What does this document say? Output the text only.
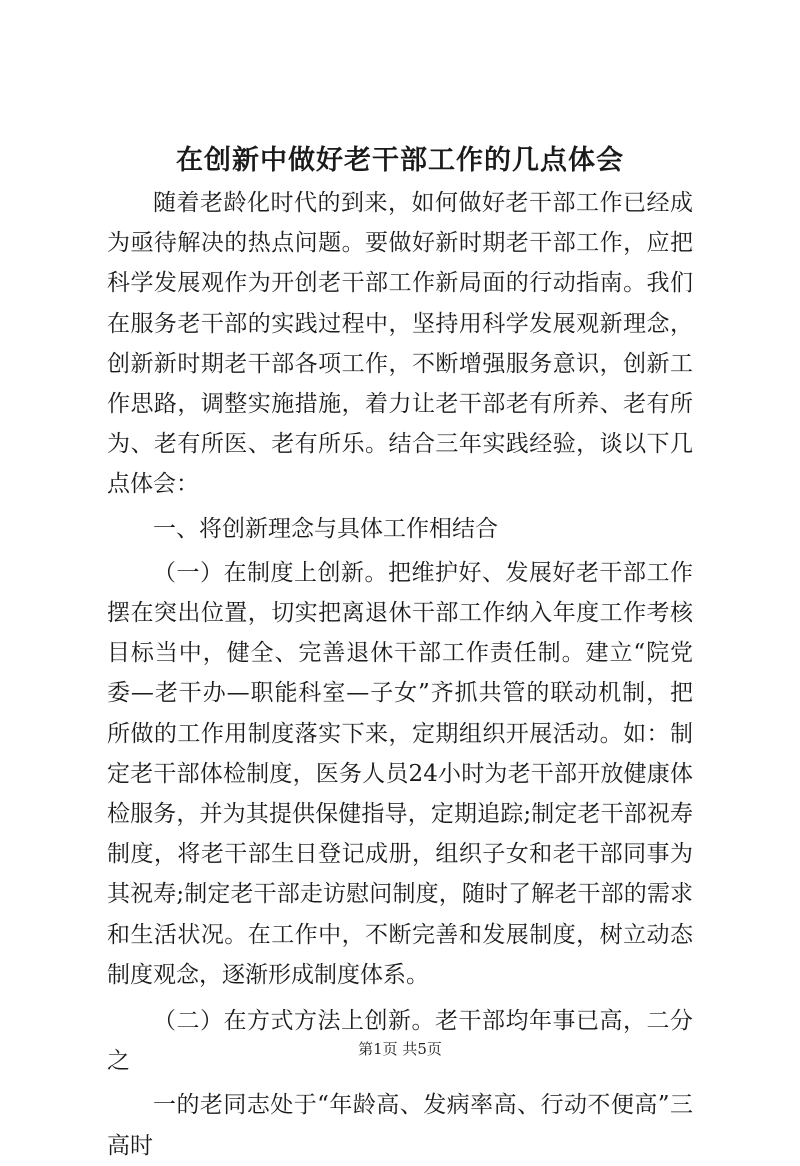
在创新中做好老干部工作的几点体会

随着老龄化时代的到来，如何做好老干部工作已经成为亟待解决的热点问题。要做好新时期老干部工作，应把科学发展观作为开创老干部工作新局面的行动指南。我们在服务老干部的实践过程中，坚持用科学发展观新理念，创新新时期老干部各项工作，不断增强服务意识，创新工作思路，调整实施措施，着力让老干部老有所养、老有所为、老有所医、老有所乐。结合三年实践经验，谈以下几点体会：

一、将创新理念与具体工作相结合

（一）在制度上创新。把维护好、发展好老干部工作摆在突出位置，切实把离退休干部工作纳入年度工作考核目标当中，健全、完善退休干部工作责任制。建立“院党委—老干办—职能科室—子女”齐抓共管的联动机制，把所做的工作用制度落实下来，定期组织开展活动。如：制定老干部体检制度，医务人员24小时为老干部开放健康体检服务，并为其提供保健指导，定期追踪;制定老干部祝寿制度，将老干部生日登记成册，组织子女和老干部同事为其祝寿;制定老干部走访慰问制度，随时了解老干部的需求和生活状况。在工作中，不断完善和发展制度，树立动态制度观念，逐渐形成制度体系。

（二）在方式方法上创新。老干部均年事已高，二分之

一的老同志处于“年龄高、发病率高、行动不便高”三高时

第1页 共5页
